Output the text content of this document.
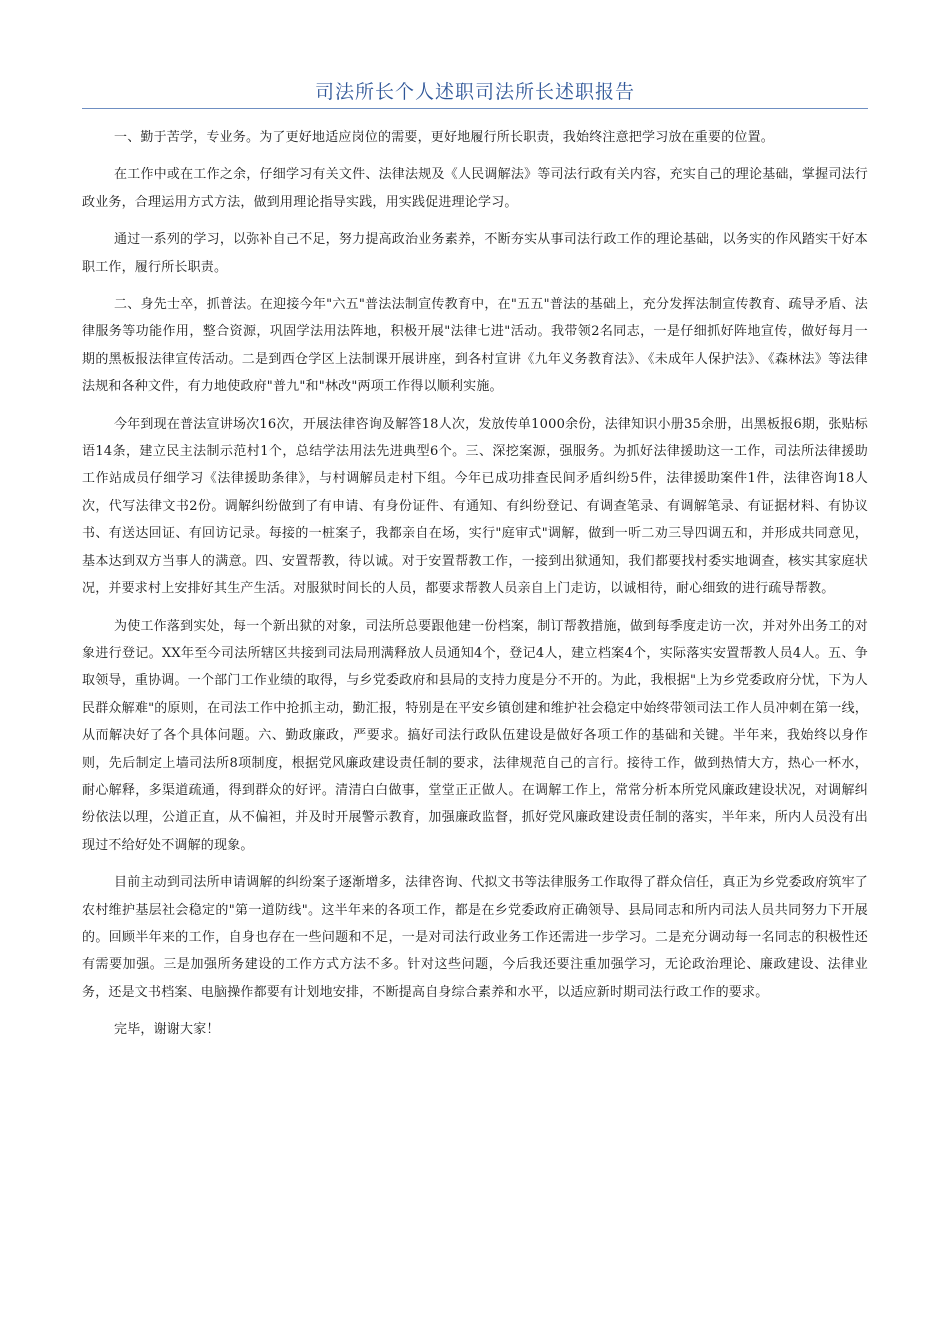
司法所长个人述职司法所长述职报告

一、勤于苦学，专业务。为了更好地适应岗位的需要，更好地履行所长职责，我始终注意把学习放在重要的位置。

在工作中或在工作之余，仔细学习有关文件、法律法规及《人民调解法》等司法行政有关内容，充实自己的理论基础，掌握司法行政业务，合理运用方式方法，做到用理论指导实践，用实践促进理论学习。

通过一系列的学习，以弥补自己不足，努力提高政治业务素养，不断夯实从事司法行政工作的理论基础，以务实的作风踏实干好本职工作，履行所长职责。

二、身先士卒，抓普法。在迎接今年"六五"普法法制宣传教育中，在"五五"普法的基础上，充分发挥法制宣传教育、疏导矛盾、法律服务等功能作用，整合资源，巩固学法用法阵地，积极开展"法律七进"活动。我带领2名同志，一是仔细抓好阵地宣传，做好每月一期的黑板报法律宣传活动。二是到西仓学区上法制课开展讲座，到各村宣讲《九年义务教育法》、《未成年人保护法》、《森林法》等法律法规和各种文件，有力地使政府"普九"和"林改"两项工作得以顺利实施。

今年到现在普法宣讲场次16次，开展法律咨询及解答18人次，发放传单1000余份，法律知识小册35余册，出黑板报6期，张贴标语14条，建立民主法制示范村1个，总结学法用法先进典型6个。三、深挖案源，强服务。为抓好法律援助这一工作，司法所法律援助工作站成员仔细学习《法律援助条律》，与村调解员走村下组。今年已成功排查民间矛盾纠纷5件，法律援助案件1件，法律咨询18人次，代写法律文书2份。调解纠纷做到了有申请、有身份证件、有通知、有纠纷登记、有调查笔录、有调解笔录、有证据材料、有协议书、有送达回证、有回访记录。每接的一桩案子，我都亲自在场，实行"庭审式"调解，做到一听二劝三导四调五和，并形成共同意见，基本达到双方当事人的满意。四、安置帮教，待以诚。对于安置帮教工作，一接到出狱通知，我们都要找村委实地调查，核实其家庭状况，并要求村上安排好其生产生活。对服狱时间长的人员，都要求帮教人员亲自上门走访，以诚相待，耐心细致的进行疏导帮教。

为使工作落到实处，每一个新出狱的对象，司法所总要跟他建一份档案，制订帮教措施，做到每季度走访一次，并对外出务工的对象进行登记。XX年至今司法所辖区共接到司法局刑满释放人员通知4个，登记4人，建立档案4个，实际落实安置帮教人员4人。五、争取领导，重协调。一个部门工作业绩的取得，与乡党委政府和县局的支持力度是分不开的。为此，我根据"上为乡党委政府分忧，下为人民群众解难"的原则，在司法工作中抢抓主动，勤汇报，特别是在平安乡镇创建和维护社会稳定中始终带领司法工作人员冲刺在第一线，从而解决好了各个具体问题。六、勤政廉政，严要求。搞好司法行政队伍建设是做好各项工作的基础和关键。半年来，我始终以身作则，先后制定上墙司法所8项制度，根据党风廉政建设责任制的要求，法律规范自己的言行。接待工作，做到热情大方，热心一杯水，耐心解释，多渠道疏通，得到群众的好评。清清白白做事，堂堂正正做人。在调解工作上，常常分析本所党风廉政建设状况，对调解纠纷依法以理，公道正直，从不偏袒，并及时开展警示教育，加强廉政监督，抓好党风廉政建设责任制的落实，半年来，所内人员没有出现过不给好处不调解的现象。

目前主动到司法所申请调解的纠纷案子逐渐增多，法律咨询、代拟文书等法律服务工作取得了群众信任，真正为乡党委政府筑牢了农村维护基层社会稳定的"第一道防线"。这半年来的各项工作，都是在乡党委政府正确领导、县局同志和所内司法人员共同努力下开展的。回顾半年来的工作，自身也存在一些问题和不足，一是对司法行政业务工作还需进一步学习。二是充分调动每一名同志的积极性还有需要加强。三是加强所务建设的工作方式方法不多。针对这些问题，今后我还要注重加强学习，无论政治理论、廉政建设、法律业务，还是文书档案、电脑操作都要有计划地安排，不断提高自身综合素养和水平，以适应新时期司法行政工作的要求。

完毕，谢谢大家！
